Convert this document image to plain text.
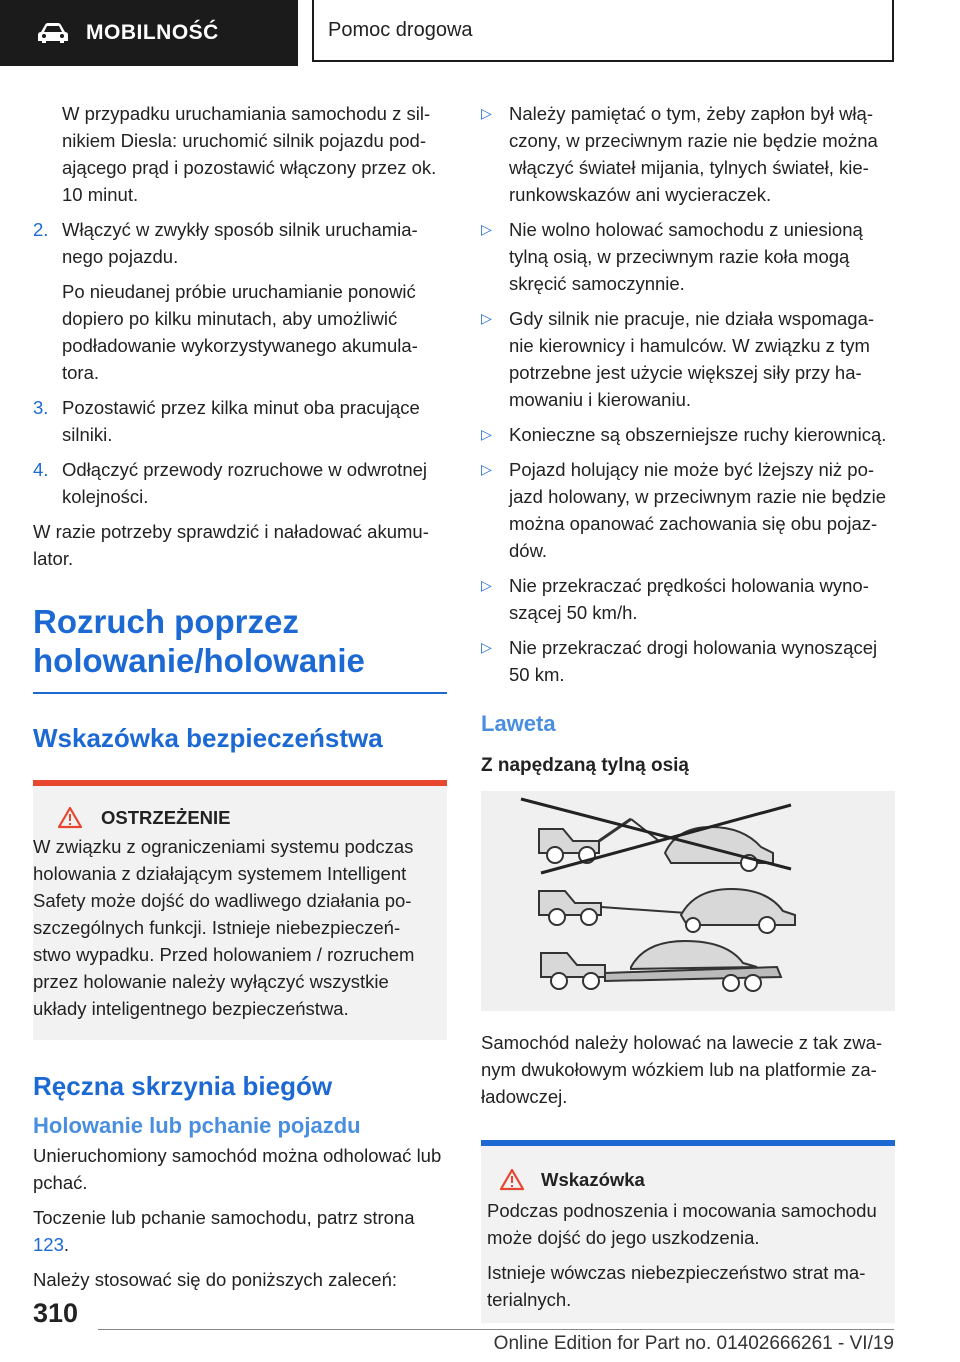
MOBILNOŚĆ	Pomoc drogowa

W przypadku uruchamiania samochodu z sil-nikiem Diesla: uruchomić silnik pojazdu pod-ającego prąd i pozostawić włączony przez ok. 10 minut.

2. Włączyć w zwykły sposób silnik uruchamia-nego pojazdu.

Po nieudanej próbie uruchamianie ponowić dopiero po kilku minutach, aby umożliwić podładowanie wykorzystywanego akumula-tora.

3. Pozostawić przez kilka minut oba pracujące silniki.

4. Odłączyć przewody rozruchowe w odwrotnej kolejności.

W razie potrzeby sprawdzić i naładować akumu-lator.

Rozruch poprzez holowanie/holowanie
Wskazówka bezpieczeństwa
OSTRZEŻENIE

W związku z ograniczeniami systemu podczas holowania z działającym systemem Intelligent Safety może dojść do wadliwego działania po-szczególnych funkcji. Istnieje niebezpieczeń-stwo wypadku. Przed holowaniem / rozruchem przez holowanie należy wyłączyć wszystkie układy inteligentnego bezpieczeństwa.

Ręczna skrzynia biegów
Holowanie lub pchanie pojazdu

Unieruchomiony samochód można odholować lub pchać.

Toczenie lub pchanie samochodu, patrz strona 123.

Należy stosować się do poniższych zaleceń:

▷ Należy pamiętać o tym, żeby zapłon był włą-czony, w przeciwnym razie nie będzie można włączyć świateł mijania, tylnych świateł, kie-runkowskazów ani wycieraczek.
▷ Nie wolno holować samochodu z uniesioną tylną osią, w przeciwnym razie koła mogą skręcić samoczynnie.
▷ Gdy silnik nie pracuje, nie działa wspomaga-nie kierownicy i hamulców. W związku z tym potrzebne jest użycie większej siły przy ha-mowaniu i kierowaniu.
▷ Konieczne są obszerniejsze ruchy kierownicą.
▷ Pojazd holujący nie może być lżejszy niż po-jazd holowany, w przeciwnym razie nie będzie można opanować zachowania się obu pojaz-dów.
▷ Nie przekraczać prędkości holowania wyno-szącej 50 km/h.
▷ Nie przekraczać drogi holowania wynoszącej 50 km.
Laweta
Z napędzaną tylną osią

Samochód należy holować na lawecie z tak zwa-nym dwukołowym wózkiem lub na platformie za-ładowczej.

Wskazówka

Podczas podnoszenia i mocowania samochodu może dojść do jego uszkodzenia.

Istnieje wówczas niebezpieczeństwo strat ma-terialnych.

310
Online Edition for Part no. 01402666261 - VI/19
